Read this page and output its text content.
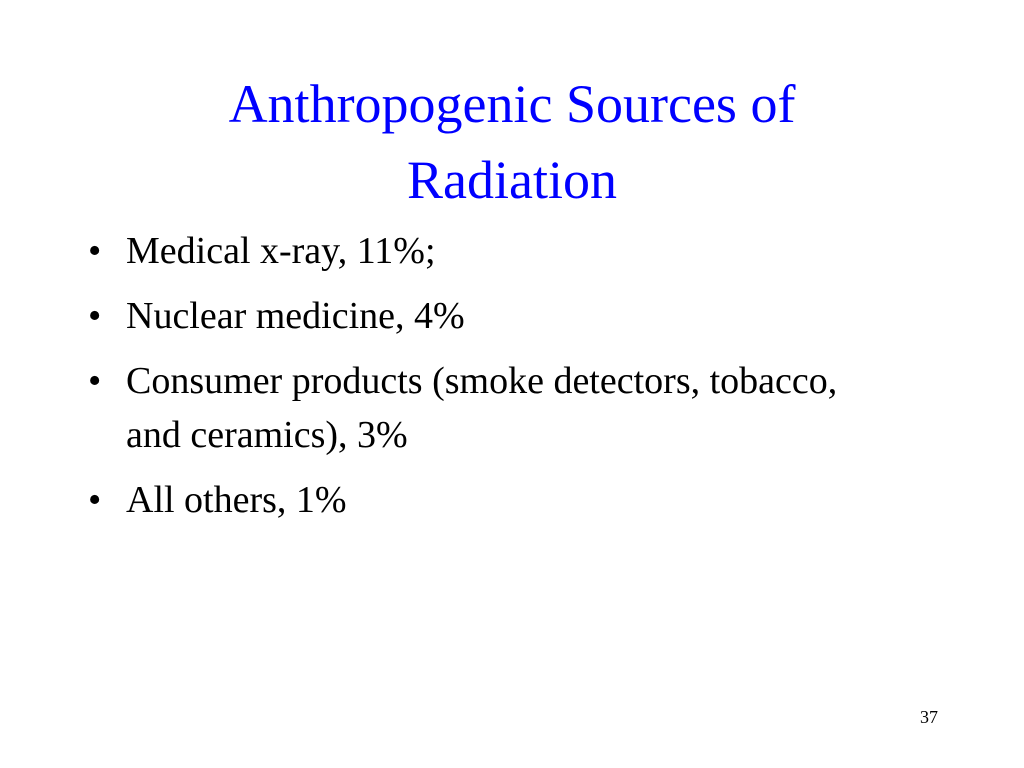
Anthropogenic Sources of
Radiation
• Medical x-ray, 11%;
• Nuclear medicine, 4%
• Consumer products (smoke detectors, tobacco, and ceramics), 3%
• All others, 1%
37
